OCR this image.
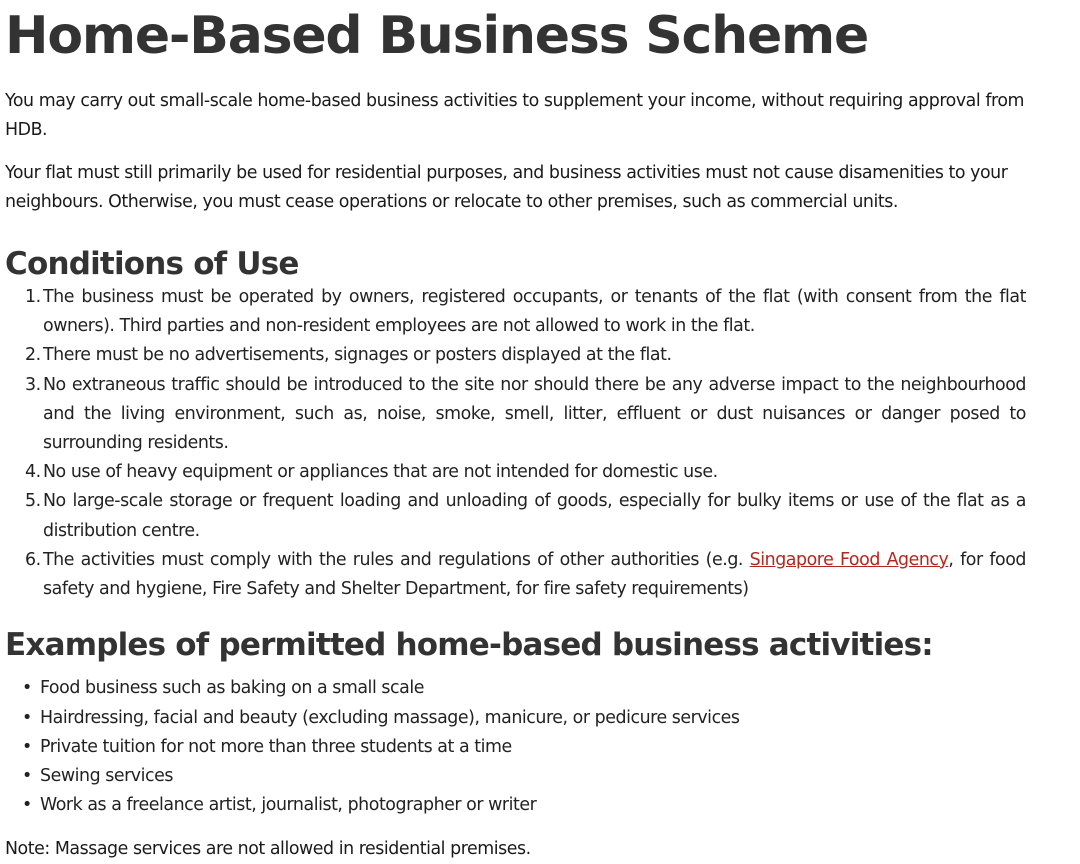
Home-Based Business Scheme

You may carry out small-scale home-based business activities to supplement your income, without requiring approval from HDB.

Your flat must still primarily be used for residential purposes, and business activities must not cause disamenities to your neighbours. Otherwise, you must cease operations or relocate to other premises, such as commercial units.

Conditions of Use
1. The business must be operated by owners, registered occupants, or tenants of the flat (with consent from the flat owners). Third parties and non-resident employees are not allowed to work in the flat.
2. There must be no advertisements, signages or posters displayed at the flat.
3. No extraneous traffic should be introduced to the site nor should there be any adverse impact to the neighbourhood and the living environment, such as, noise, smoke, smell, litter, effluent or dust nuisances or danger posed to surrounding residents.
4. No use of heavy equipment or appliances that are not intended for domestic use.
5. No large-scale storage or frequent loading and unloading of goods, especially for bulky items or use of the flat as a distribution centre.
6. The activities must comply with the rules and regulations of other authorities (e.g. Singapore Food Agency, for food safety and hygiene, Fire Safety and Shelter Department, for fire safety requirements)
Examples of permitted home-based business activities:
• Food business such as baking on a small scale
• Hairdressing, facial and beauty (excluding massage), manicure, or pedicure services
• Private tuition for not more than three students at a time
• Sewing services
• Work as a freelance artist, journalist, photographer or writer

Note: Massage services are not allowed in residential premises.
